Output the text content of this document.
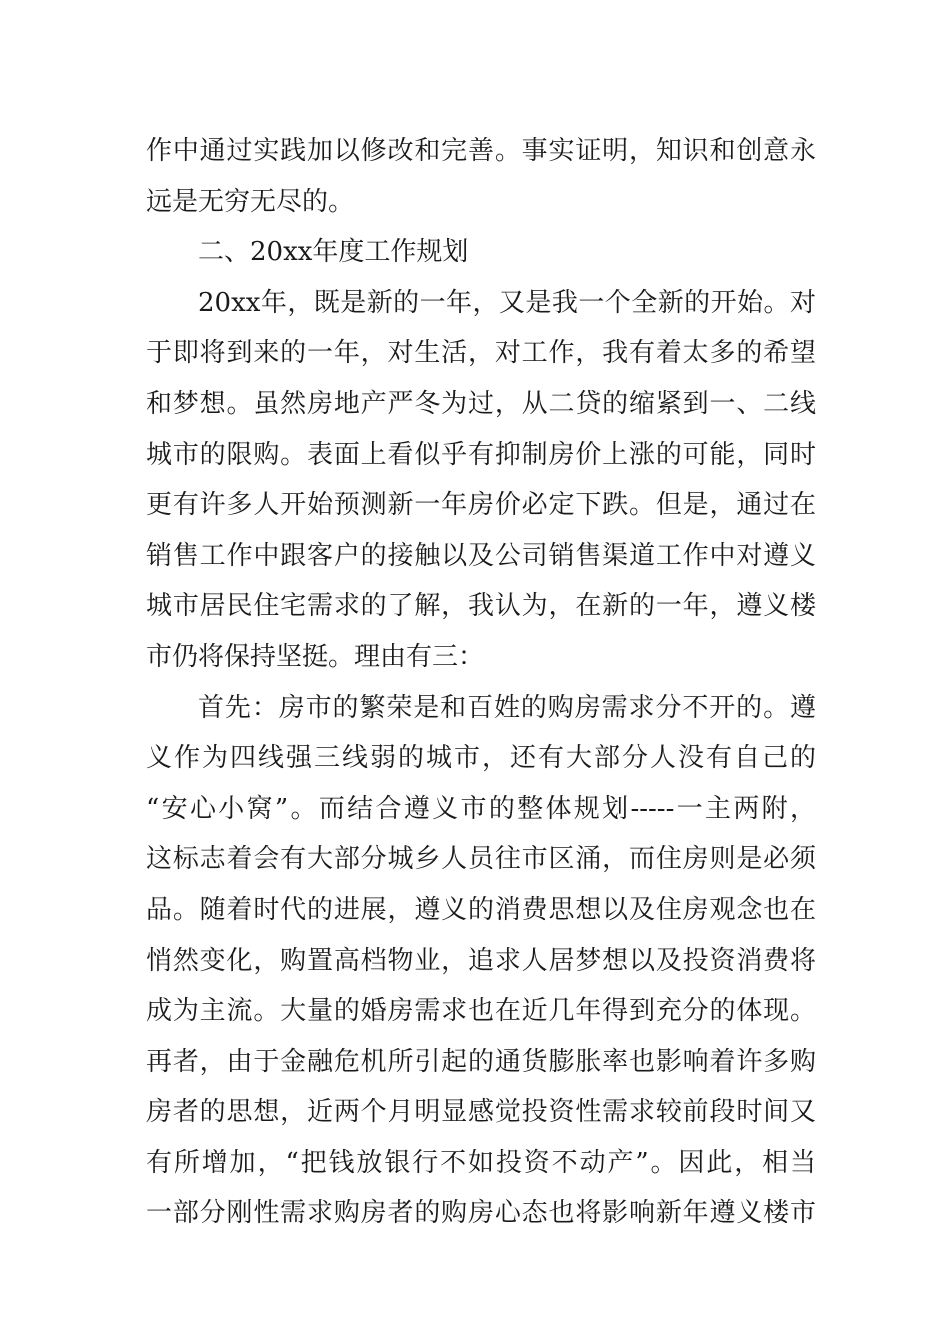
作中通过实践加以修改和完善。事实证明，知识和创意永
远是无穷无尽的。
二、20xx年度工作规划
20xx年，既是新的一年，又是我一个全新的开始。对
于即将到来的一年，对生活，对工作，我有着太多的希望
和梦想。虽然房地产严冬为过，从二贷的缩紧到一、二线
城市的限购。表面上看似乎有抑制房价上涨的可能，同时
更有许多人开始预测新一年房价必定下跌。但是，通过在
销售工作中跟客户的接触以及公司销售渠道工作中对遵义
城市居民住宅需求的了解，我认为，在新的一年，遵义楼
市仍将保持坚挺。理由有三：
首先：房市的繁荣是和百姓的购房需求分不开的。遵
义作为四线强三线弱的城市，还有大部分人没有自己的
“安心小窝”。而结合遵义市的整体规划-----一主两附，
这标志着会有大部分城乡人员往市区涌，而住房则是必须
品。随着时代的进展，遵义的消费思想以及住房观念也在
悄然变化，购置高档物业，追求人居梦想以及投资消费将
成为主流。大量的婚房需求也在近几年得到充分的体现。
再者，由于金融危机所引起的通货膨胀率也影响着许多购
房者的思想，近两个月明显感觉投资性需求较前段时间又
有所增加，“把钱放银行不如投资不动产”。因此，相当
一部分刚性需求购房者的购房心态也将影响新年遵义楼市
